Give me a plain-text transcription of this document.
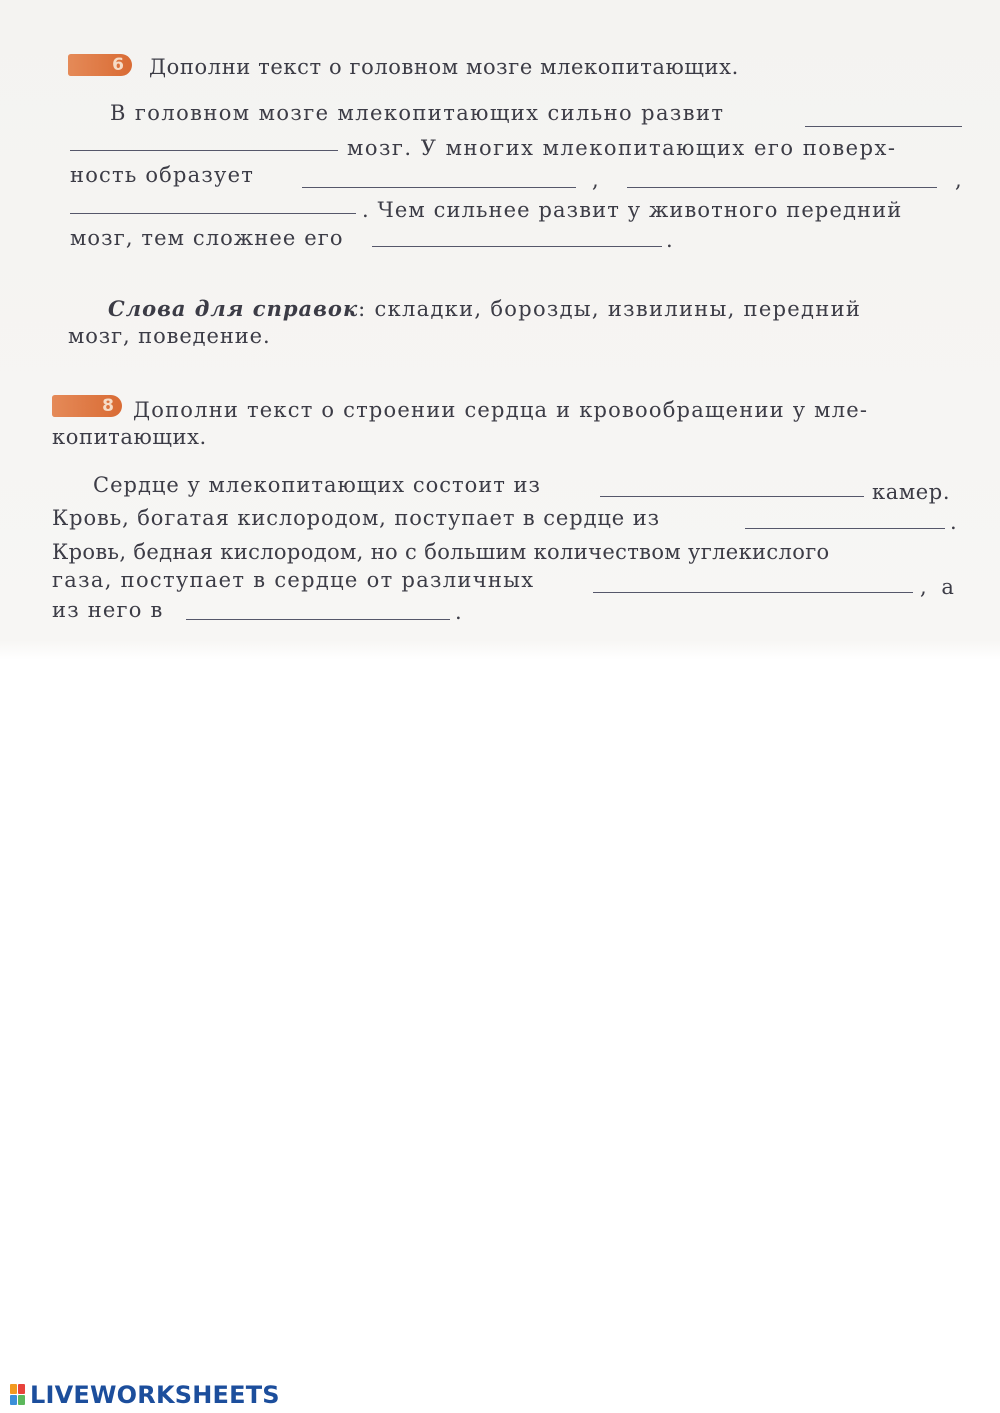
6	Дополни текст о головном мозге млекопитающих.
В головном мозге млекопитающих сильно развит
мозг. У многих млекопитающих его поверх-
ность образует	,	,
. Чем сильнее развит у животного передний
мозг, тем сложнее его	.
Слова для справок: складки, борозды, извилины, передний
мозг, поведение.
8 Дополни текст о строении сердца и кровообращении у мле-
копитающих.
Сердце у млекопитающих состоит из	камер.
Кровь, богатая кислородом, поступает в сердце из	.
Кровь, бедная кислородом, но с большим количеством углекислого
газа, поступает в сердце от различных	, а
из него в	.
LIVEWORKSHEETS
